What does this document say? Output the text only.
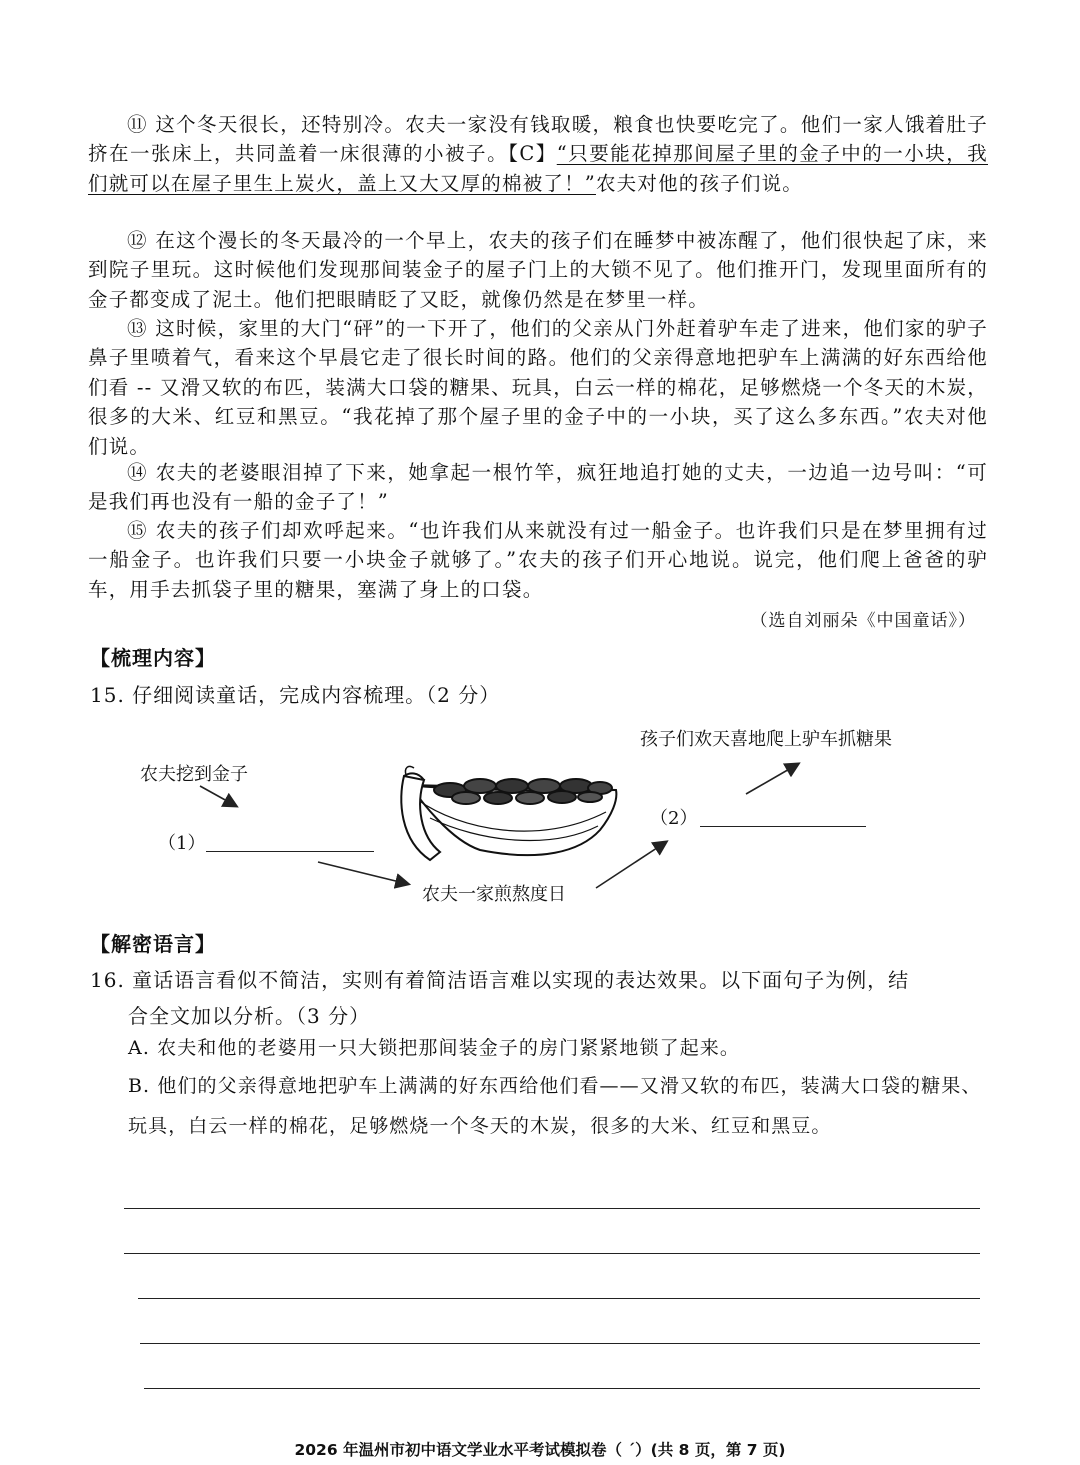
⑪ 这个冬天很长，还特别冷。农夫一家没有钱取暖，粮食也快要吃完了。他们一家人饿着肚子挤在一张床上，共同盖着一床很薄的小被子。【C】“只要能花掉那间屋子里的金子中的一小块，我们就可以在屋子里生上炭火，盖上又大又厚的棉被了！”农夫对他的孩子们说。

⑫ 在这个漫长的冬天最冷的一个早上，农夫的孩子们在睡梦中被冻醒了，他们很快起了床，来到院子里玩。这时候他们发现那间装金子的屋子门上的大锁不见了。他们推开门，发现里面所有的金子都变成了泥土。他们把眼睛眨了又眨，就像仍然是在梦里一样。

⑬ 这时候，家里的大门“砰”的一下开了，他们的父亲从门外赶着驴车走了进来，他们家的驴子鼻子里喷着气，看来这个早晨它走了很长时间的路。他们的父亲得意地把驴车上满满的好东西给他们看 -- 又滑又软的布匹，装满大口袋的糖果、玩具，白云一样的棉花，足够燃烧一个冬天的木炭，很多的大米、红豆和黑豆。“我花掉了那个屋子里的金子中的一小块，买了这么多东西。”农夫对他们说。

⑭ 农夫的老婆眼泪掉了下来，她拿起一根竹竿，疯狂地追打她的丈夫，一边追一边号叫：“可是我们再也没有一船的金子了！”

⑮ 农夫的孩子们却欢呼起来。“也许我们从来就没有过一船金子。也许我们只是在梦里拥有过一船金子。也许我们只要一小块金子就够了。”农夫的孩子们开心地说。说完，他们爬上爸爸的驴车，用手去抓袋子里的糖果，塞满了身上的口袋。

（选自刘丽朵《中国童话》）
【梳理内容】
15. 仔细阅读童话，完成内容梳理。（2 分）
农夫挖到金子
孩子们欢天喜地爬上驴车抓糖果
农夫一家煎熬度日
（1）
（2）
【解密语言】
16. 童话语言看似不简洁，实则有着简洁语言难以实现的表达效果。以下面句子为例，结
合全文加以分析。（3 分）
A. 农夫和他的老婆用一只大锁把那间装金子的房门紧紧地锁了起来。
B. 他们的父亲得意地把驴车上满满的好东西给他们看——又滑又软的布匹，装满大口袋的糖果、玩具，白云一样的棉花，足够燃烧一个冬天的木炭，很多的大米、红豆和黑豆。
2026 年温州市初中语文学业水平考试模拟卷（ ˊ）(共 8 页，第 7 页)
